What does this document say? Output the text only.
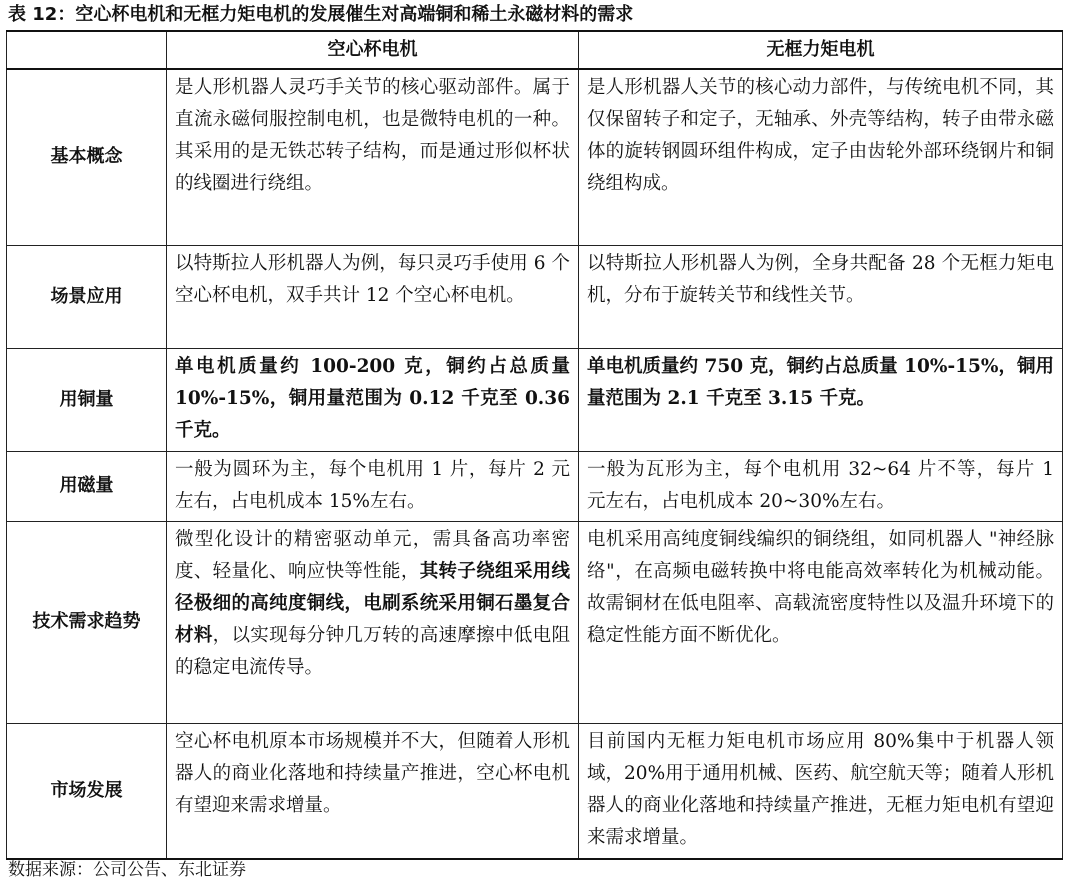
表 12：空心杯电机和无框力矩电机的发展催生对高端铜和稀土永磁材料的需求
	空心杯电机	无框力矩电机
基本概念	是人形机器人灵巧手关节的核心驱动部件。属于直流永磁伺服控制电机，也是微特电机的一种。其采用的是无铁芯转子结构，而是通过形似杯状的线圈进行绕组。	是人形机器人关节的核心动力部件，与传统电机不同，其仅保留转子和定子，无轴承、外壳等结构，转子由带永磁体的旋转钢圆环组件构成，定子由齿轮外部环绕钢片和铜绕组构成。
场景应用	以特斯拉人形机器人为例，每只灵巧手使用 6 个空心杯电机，双手共计 12 个空心杯电机。	以特斯拉人形机器人为例，全身共配备 28 个无框力矩电机，分布于旋转关节和线性关节。
用铜量	单电机质量约 100-200 克，铜约占总质量 10%-15%，铜用量范围为 0.12 千克至 0.36 千克。	单电机质量约 750 克，铜约占总质量 10%-15%，铜用量范围为 2.1 千克至 3.15 千克。
用磁量	一般为圆环为主，每个电机用 1 片，每片 2 元左右，占电机成本 15%左右。	一般为瓦形为主，每个电机用 32~64 片不等，每片 1 元左右，占电机成本 20~30%左右。
技术需求趋势	微型化设计的精密驱动单元，需具备高功率密度、轻量化、响应快等性能，其转子绕组采用线径极细的高纯度铜线，电刷系统采用铜石墨复合材料，以实现每分钟几万转的高速摩擦中低电阻的稳定电流传导。	电机采用高纯度铜线编织的铜绕组，如同机器人 "神经脉络"，在高频电磁转换中将电能高效率转化为机械动能。故需铜材在低电阻率、高载流密度特性以及温升环境下的稳定性能方面不断优化。
市场发展	空心杯电机原本市场规模并不大，但随着人形机器人的商业化落地和持续量产推进，空心杯电机有望迎来需求增量。	目前国内无框力矩电机市场应用 80%集中于机器人领域，20%用于通用机械、医药、航空航天等；随着人形机器人的商业化落地和持续量产推进，无框力矩电机有望迎来需求增量。
数据来源：公司公告、东北证券
